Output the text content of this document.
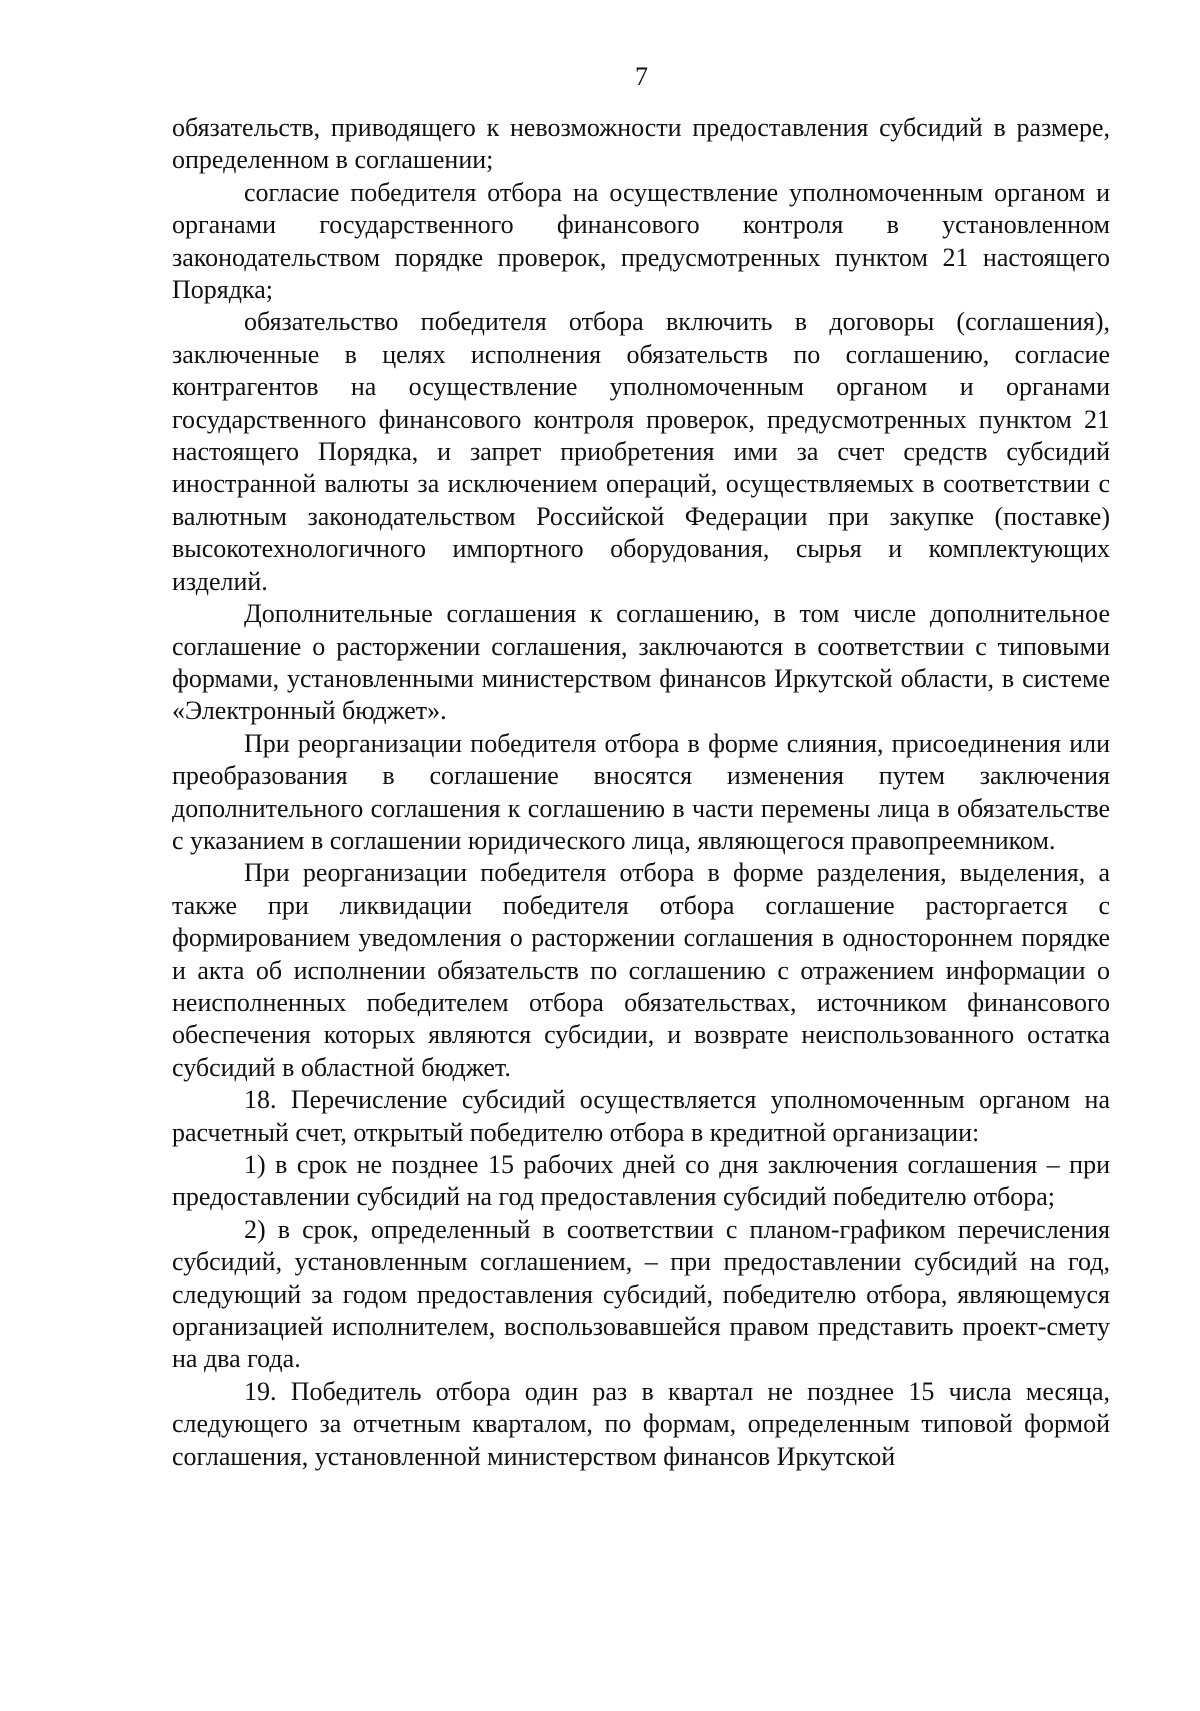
7

обязательств, приводящего к невозможности предоставления субсидий в размере, определенном в соглашении;

согласие победителя отбора на осуществление уполномоченным органом и органами государственного финансового контроля в установленном законодательством порядке проверок, предусмотренных пунктом 21 настоящего Порядка;

обязательство победителя отбора включить в договоры (соглашения), заключенные в целях исполнения обязательств по соглашению, согласие контрагентов на осуществление уполномоченным органом и органами государственного финансового контроля проверок, предусмотренных пунктом 21 настоящего Порядка, и запрет приобретения ими за счет средств субсидий иностранной валюты за исключением операций, осуществляемых в соответствии с валютным законодательством Российской Федерации при закупке (поставке) высокотехнологичного импортного оборудования, сырья и комплектующих изделий.

Дополнительные соглашения к соглашению, в том числе дополнительное соглашение о расторжении соглашения, заключаются в соответствии с типовыми формами, установленными министерством финансов Иркутской области, в системе «Электронный бюджет».

При реорганизации победителя отбора в форме слияния, присоединения или преобразования в соглашение вносятся изменения путем заключения дополнительного соглашения к соглашению в части перемены лица в обязательстве с указанием в соглашении юридического лица, являющегося правопреемником.

При реорганизации победителя отбора в форме разделения, выделения, а также при ликвидации победителя отбора соглашение расторгается с формированием уведомления о расторжении соглашения в одностороннем порядке и акта об исполнении обязательств по соглашению с отражением информации о неисполненных победителем отбора обязательствах, источником финансового обеспечения которых являются субсидии, и возврате неиспользованного остатка субсидий в областной бюджет.

18. Перечисление субсидий осуществляется уполномоченным органом на расчетный счет, открытый победителю отбора в кредитной организации:

1) в срок не позднее 15 рабочих дней со дня заключения соглашения – при предоставлении субсидий на год предоставления субсидий победителю отбора;

2) в срок, определенный в соответствии с планом-графиком перечисления субсидий, установленным соглашением, – при предоставлении субсидий на год, следующий за годом предоставления субсидий, победителю отбора, являющемуся организацией исполнителем, воспользовавшейся правом представить проект-смету на два года.

19. Победитель отбора один раз в квартал не позднее 15 числа месяца, следующего за отчетным кварталом, по формам, определенным типовой формой соглашения, установленной министерством финансов Иркутской
